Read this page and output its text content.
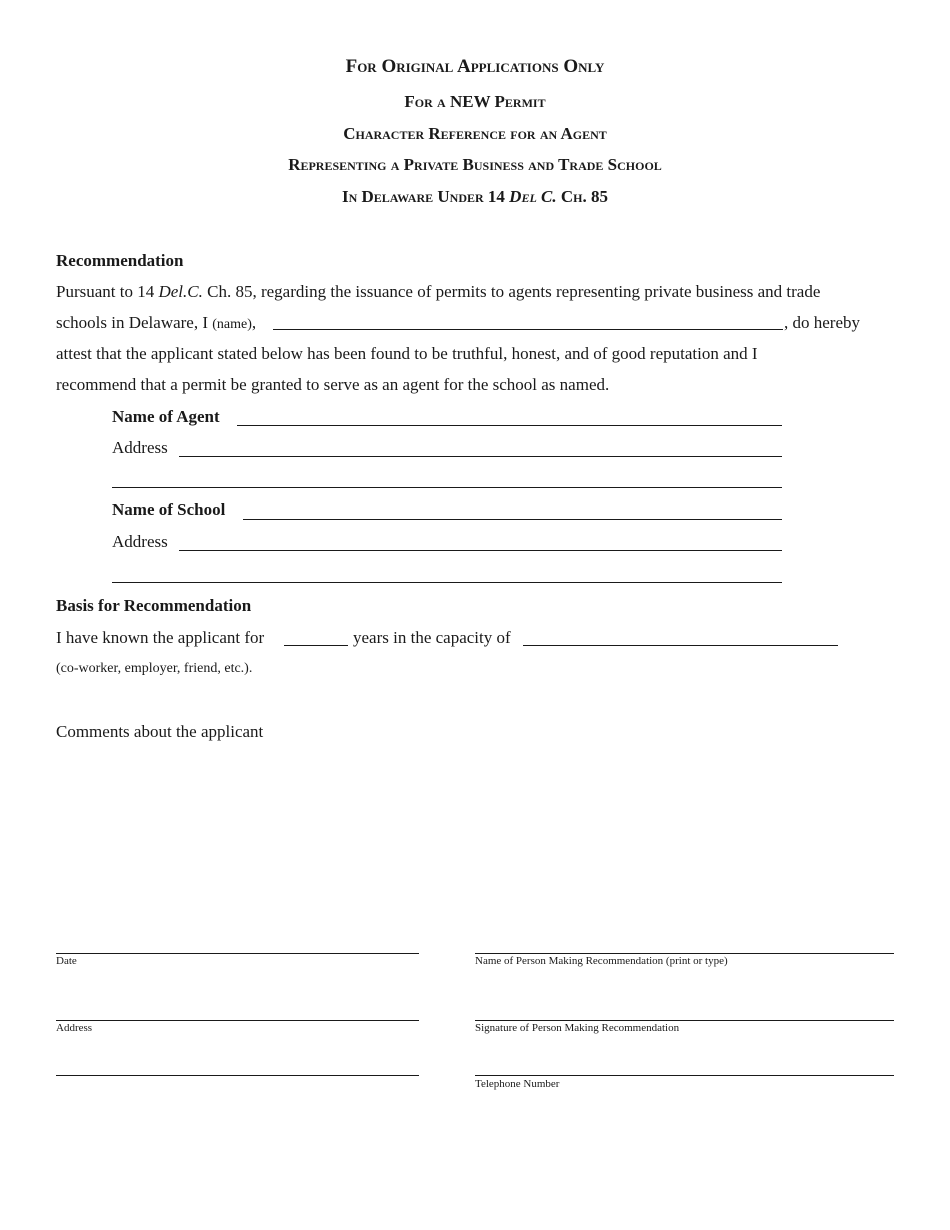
For Original Applications Only
For a NEW Permit
Character Reference for an Agent
Representing a Private Business and Trade School
In Delaware Under 14 Del C. Ch. 85
Recommendation
Pursuant to 14 Del.C. Ch. 85, regarding the issuance of permits to agents representing private business and trade
schools in Delaware, I (name),	, do hereby
attest that the applicant stated below has been found to be truthful, honest, and of good reputation and I
recommend that a permit be granted to serve as an agent for the school as named.
Name of Agent
Address
Name of School
Address
Basis for Recommendation
I have known the applicant for	years in the capacity of
(co-worker, employer, friend, etc.).
Comments about the applicant
Date
Address
Name of Person Making Recommendation (print or type)
Signature of Person Making Recommendation
Telephone Number
